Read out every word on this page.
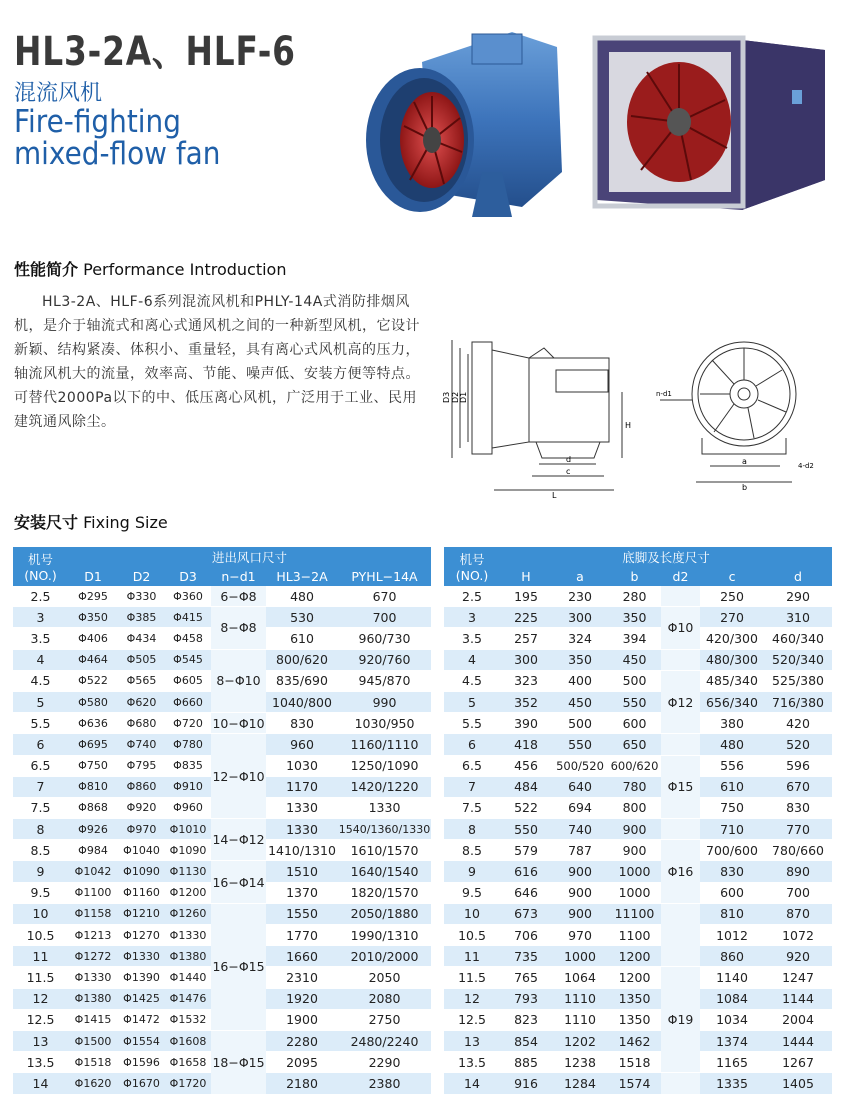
HL3-2A、HLF-6
混流风机
Fire-fighting mixed-flow fan
性能简介 Performance Introduction
HL3-2A、HLF-6系列混流风机和PHLY-14A式消防排烟风机，是介于轴流式和离心式通风机之间的一种新型风机，它设计新颖、结构紧凑、体积小、重量轻，具有离心式风机高的压力，轴流风机大的流量，效率高、节能、噪声低、安装方便等特点。可替代2000Pa以下的中、低压离心风机，广泛用于工业、民用建筑通风除尘。
D3 D2 D1
H
d
c
L
n-d1
a
b
4-d2
安装尺寸 Fixing Size
机号
(NO.)	进出风口尺寸					
	D1	D2	D3	n−d1	HL3−2A	PYHL−14A
2.5	Φ295	Φ330	Φ360	6−Φ8	480	670
3	Φ350	Φ385	Φ415	8−Φ8	530	700
3.5	Φ406	Φ434	Φ458		610	960/730
4	Φ464	Φ505	Φ545	8−Φ10	800/620	920/760
4.5	Φ522	Φ565	Φ605		835/690	945/870
5	Φ580	Φ620	Φ660		1040/800	990
5.5	Φ636	Φ680	Φ720	10−Φ10	830	1030/950
6	Φ695	Φ740	Φ780	12−Φ10	960	1160/1110
6.5	Φ750	Φ795	Φ835		1030	1250/1090
7	Φ810	Φ860	Φ910		1170	1420/1220
7.5	Φ868	Φ920	Φ960		1330	1330
8	Φ926	Φ970	Φ1010	14−Φ12	1330	1540/1360/1330
8.5	Φ984	Φ1040	Φ1090		1410/1310	1610/1570
9	Φ1042	Φ1090	Φ1130	16−Φ14	1510	1640/1540
9.5	Φ1100	Φ1160	Φ1200		1370	1820/1570
10	Φ1158	Φ1210	Φ1260	16−Φ15	1550	2050/1880
10.5	Φ1213	Φ1270	Φ1330		1770	1990/1310
11	Φ1272	Φ1330	Φ1380		1660	2010/2000
11.5	Φ1330	Φ1390	Φ1440		2310	2050
12	Φ1380	Φ1425	Φ1476		1920	2080
12.5	Φ1415	Φ1472	Φ1532		1900	2750
13	Φ1500	Φ1554	Φ1608	18−Φ15	2280	2480/2240
13.5	Φ1518	Φ1596	Φ1658		2095	2290
14	Φ1620	Φ1670	Φ1720		2180	2380
机号
(NO.)	底脚及长度尺寸					
	H	a	b	d2	c	d
2.5	195	230	280		250	290
3	225	300	350	Φ10	270	310
3.5	257	324	394		420/300	460/340
4	300	350	450		480/300	520/340
4.5	323	400	500	Φ12	485/340	525/380
5	352	450	550		656/340	716/380
5.5	390	500	600		380	420
6	418	550	650		480	520
6.5	456	500/520	600/620	Φ15	556	596
7	484	640	780		610	670
7.5	522	694	800		750	830
8	550	740	900		710	770
8.5	579	787	900	Φ16	700/600	780/660
9	616	900	1000		830	890
9.5	646	900	1000		600	700
10	673	900	11100		810	870
10.5	706	970	1100		1012	1072
11	735	1000	1200		860	920
11.5	765	1064	1200	Φ19	1140	1247
12	793	1110	1350		1084	1144
12.5	823	1110	1350		1034	2004
13	854	1202	1462		1374	1444
13.5	885	1238	1518		1165	1267
14	916	1284	1574		1335	1405
